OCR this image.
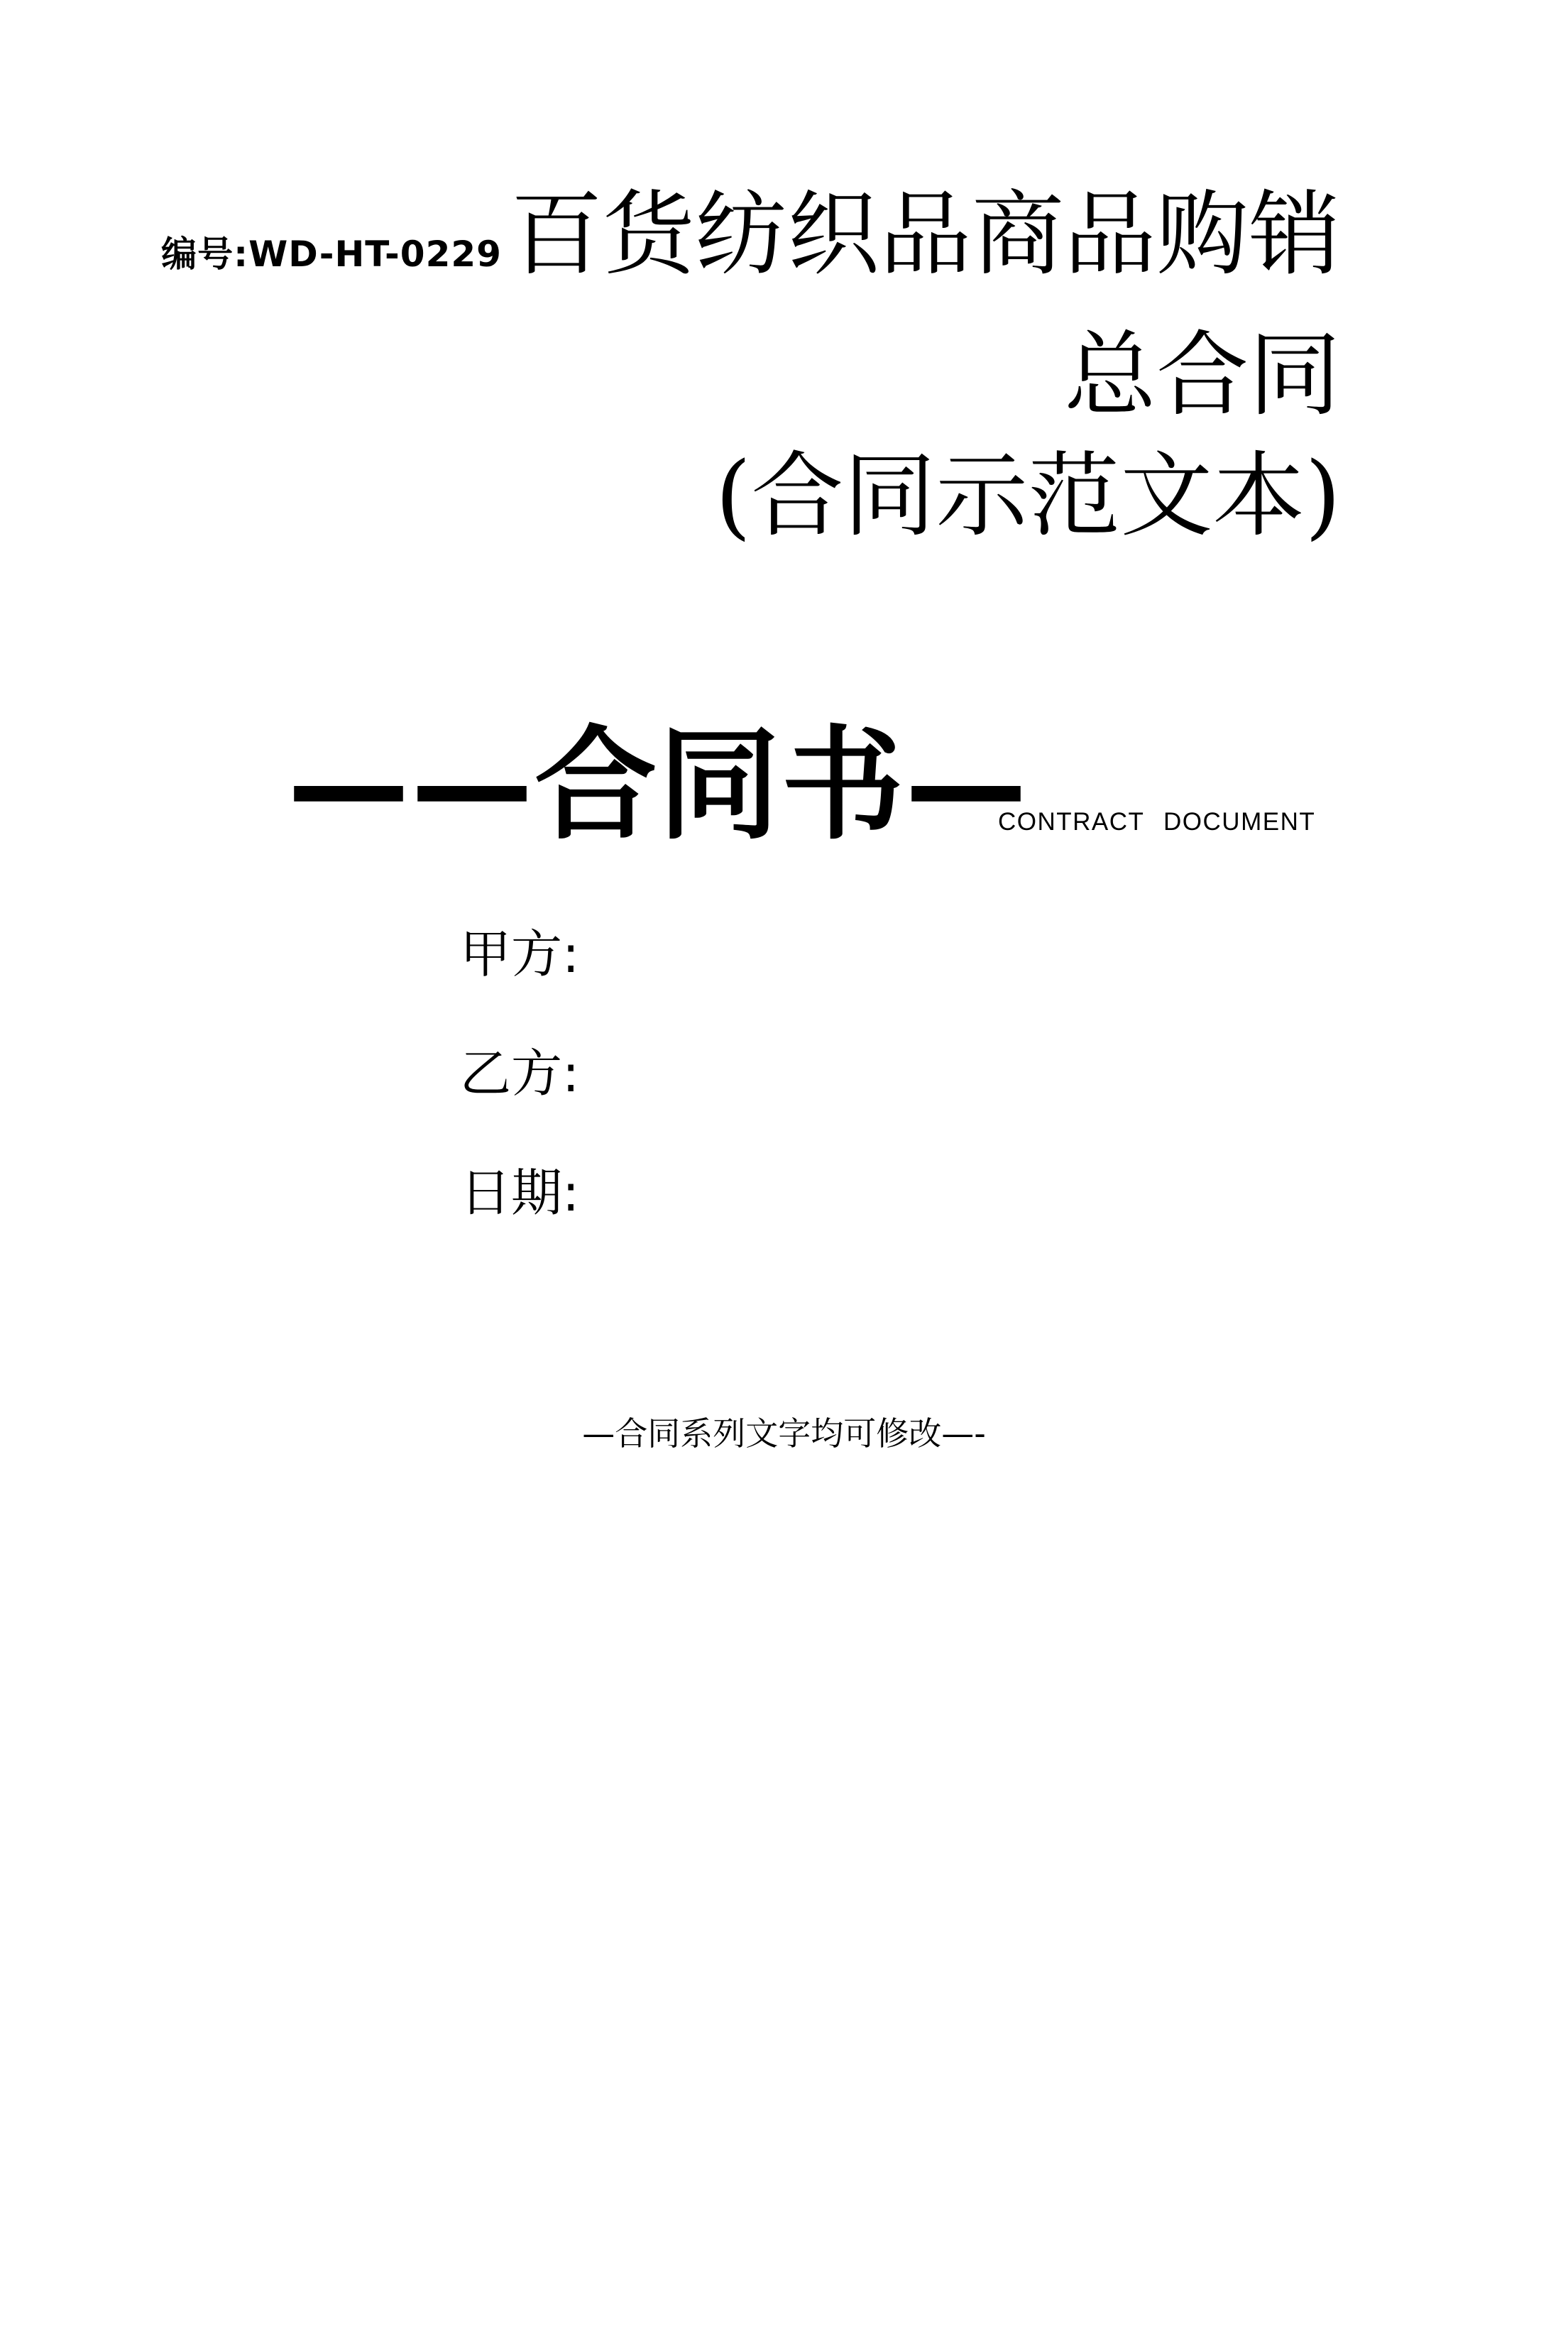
编号:WD-HT-0229百货纺织品商品购销
总合同
(合同示范文本)
——合同书—
CONTRACT DOCUMENT
甲方:
乙方:
日期:
—合同系列文字均可修改—-
